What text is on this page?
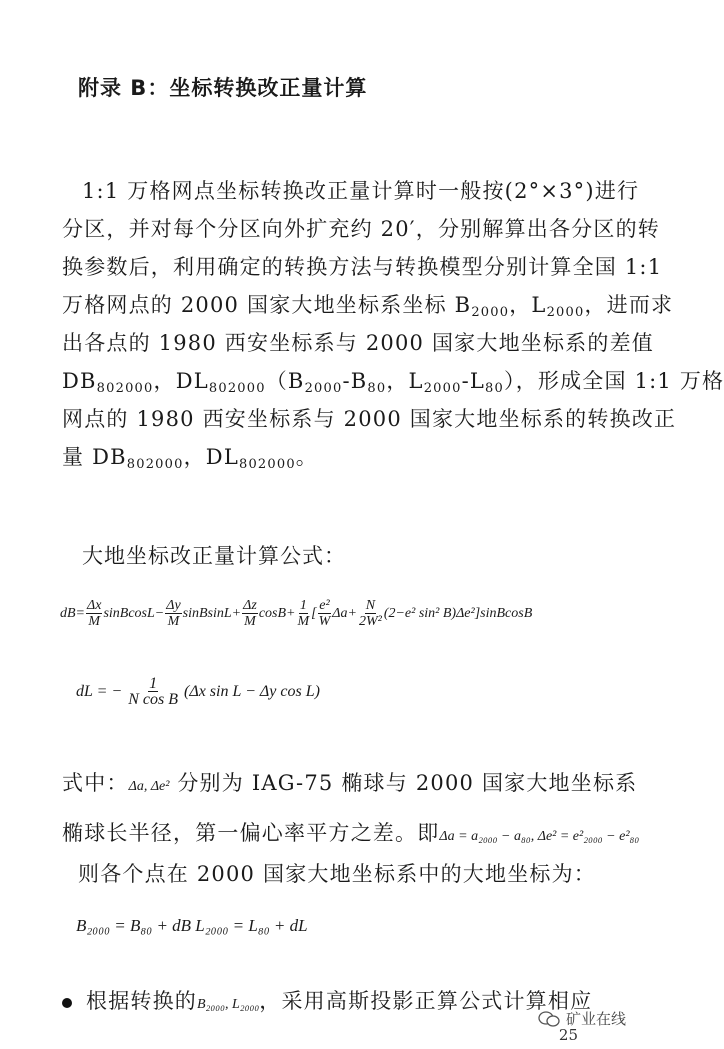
附录 B：坐标转换改正量计算
1:1 万格网点坐标转换改正量计算时一般按(2°×3°)进行
分区，并对每个分区向外扩充约 20′，分别解算出各分区的转
换参数后，利用确定的转换方法与转换模型分别计算全国 1:1
万格网点的 2000 国家大地坐标系坐标 $B_{2000}$，$L_{2000}$，进而求
出各点的 1980 西安坐标系与 2000 国家大地坐标系的差值
$DB_{802000}$，$DL_{802000}(B_{2000}-B_{80}$，$L_{2000}-L_{80}$），形成全国 1:1 万格
网点的 1980 西安坐标系与 2000 国家大地坐标系的转换改正
量 $DB_{802000}$，$DL_{802000}$。
大地坐标改正量计算公式：
$dB= \frac{\Delta x}{M}$ sinBcosL− $\frac{\Delta y}{M}$ sinBsinL+ $\frac{\Delta z}{M} \cos B+ \frac{1}{M}$ [ $\frac{\text{e²}}{W} \Delta a+ \frac{N}{\text{2W²}} (2-e^2$ sin² B)Δe²]sinBcosB
dL = −
$\frac{1}{\text{N cos B}}$
(Δx sin L − Δy cos L)
式中：Δa, Δe² 分别为 IAG-75 椭球与 2000 国家大地坐标系
椭球长半径，第一偏心率平方之差。即Δa = a₂₀₀₀ − a₈₀, Δe² = e²₂₀₀₀ − e²₈₀
则各个点在 2000 国家大地坐标系中的大地坐标为：
B₂₀₀₀ = B₈₀ + dB L₂₀₀₀ = L₈₀ + dL
根据转换的B₂₀₀₀, L₂₀₀₀，采用高斯投影正算公式计算相应
矿业在线
25
